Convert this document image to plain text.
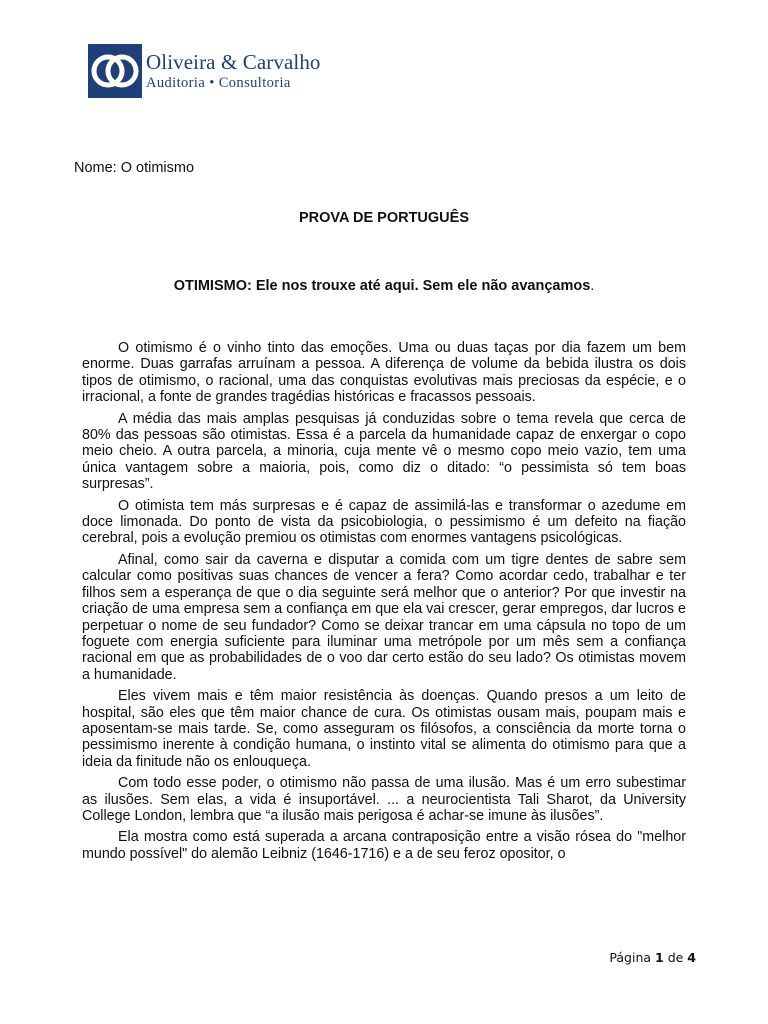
Oliveira & Carvalho
Auditoria • Consultoria
Nome: O otimismo
PROVA DE PORTUGUÊS
OTIMISMO: Ele nos trouxe até aqui. Sem ele não avançamos.

O otimismo é o vinho tinto das emoções. Uma ou duas taças por dia fazem um bem enorme. Duas garrafas arruínam a pessoa. A diferença de volume da bebida ilustra os dois tipos de otimismo, o racional, uma das conquistas evolutivas mais preciosas da espécie, e o irracional, a fonte de grandes tragédias históricas e fracassos pessoais.

A média das mais amplas pesquisas já conduzidas sobre o tema revela que cerca de 80% das pessoas são otimistas. Essa é a parcela da humanidade capaz de enxergar o copo meio cheio. A outra parcela, a minoria, cuja mente vê o mesmo copo meio vazio, tem uma única vantagem sobre a maioria, pois, como diz o ditado: “o pessimista só tem boas surpresas”.

O otimista tem más surpresas e é capaz de assimilá-las e transformar o azedume em doce limonada. Do ponto de vista da psicobiologia, o pessimismo é um defeito na fiação cerebral, pois a evolução premiou os otimistas com enormes vantagens psicológicas.

Afinal, como sair da caverna e disputar a comida com um tigre dentes de sabre sem calcular como positivas suas chances de vencer a fera? Como acordar cedo, trabalhar e ter filhos sem a esperança de que o dia seguinte será melhor que o anterior? Por que investir na criação de uma empresa sem a confiança em que ela vai crescer, gerar empregos, dar lucros e perpetuar o nome de seu fundador? Como se deixar trancar em uma cápsula no topo de um foguete com energia suficiente para iluminar uma metrópole por um mês sem a confiança racional em que as probabilidades de o voo dar certo estão do seu lado? Os otimistas movem a humanidade.

Eles vivem mais e têm maior resistência às doenças. Quando presos a um leito de hospital, são eles que têm maior chance de cura. Os otimistas ousam mais, poupam mais e aposentam-se mais tarde. Se, como asseguram os filósofos, a consciência da morte torna o pessimismo inerente à condição humana, o instinto vital se alimenta do otimismo para que a ideia da finitude não os enlouqueça.

Com todo esse poder, o otimismo não passa de uma ilusão. Mas é um erro subestimar as ilusões. Sem elas, a vida é insuportável. ... a neurocientista Tali Sharot, da University College London, lembra que “a ilusão mais perigosa é achar-se imune às ilusões”.

Ela mostra como está superada a arcana contraposição entre a visão rósea do "melhor mundo possível" do alemão Leibniz (1646-1716) e a de seu feroz opositor, o

Página 1 de 4
